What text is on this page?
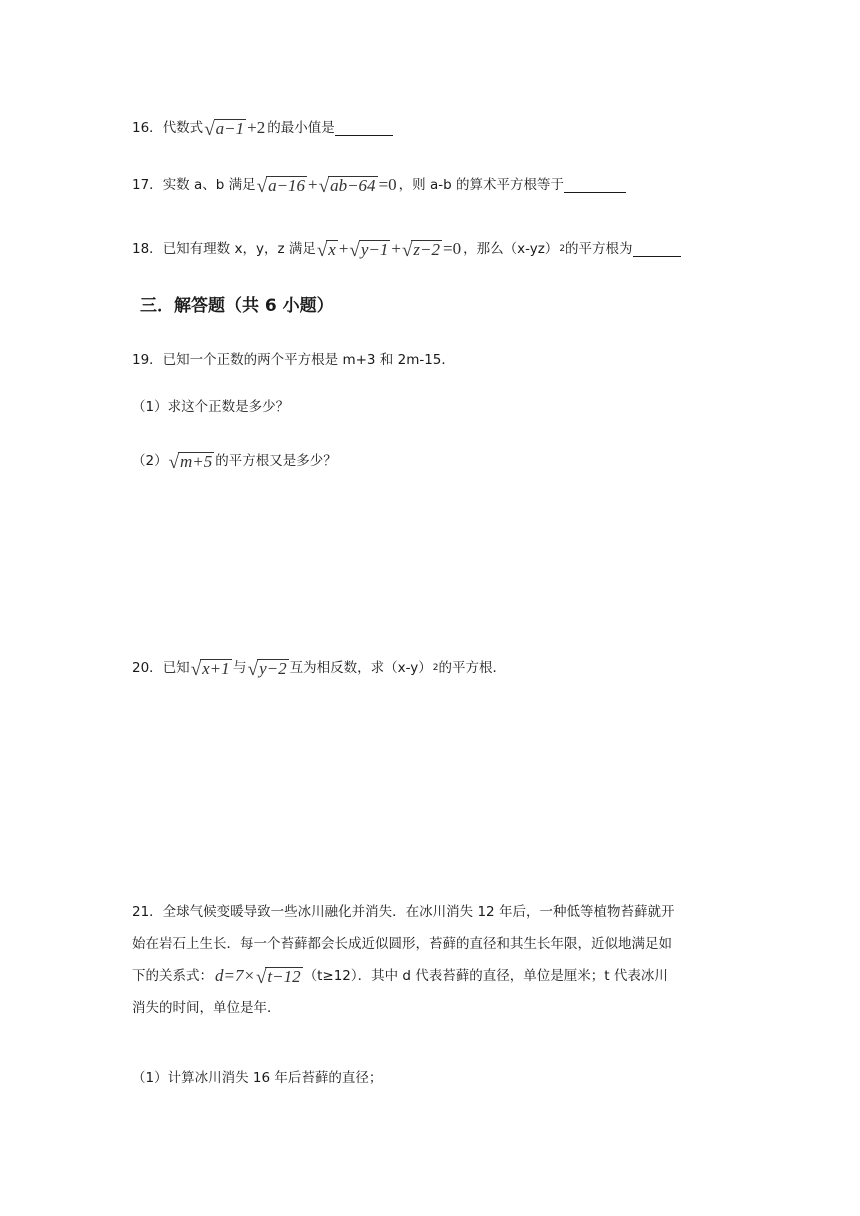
16． 代数式 √ a−1 +2 的最小值是
17． 实数 a、b 满足 √ a−16 + √ ab−64 =0 ，则 a-b 的算术平方根等于
18． 已知有理数 x，y，z 满足 √ x + √ y−1 + √ z−2 =0 ，那么（x-yz） 2 的平方根为
三．解答题（共 6 小题）
19．已知一个正数的两个平方根是 m+3 和 2m-15．
（1）求这个正数是多少？
（2） √ m+5 的平方根又是多少？
20． 已知 √ x+1 与 √ y−2 互为相反数，求（x-y） 2 的平方根．
21．全球气候变暖导致一些冰川融化并消失．在冰川消失 12 年后，一种低等植物苔藓就开
始在岩石上生长．每一个苔藓都会长成近似圆形，苔藓的直径和其生长年限，近似地满足如
下的关系式： d=7× √ t−12 （t≥12）．其中 d 代表苔藓的直径，单位是厘米；t 代表冰川
消失的时间，单位是年．
（1）计算冰川消失 16 年后苔藓的直径；
